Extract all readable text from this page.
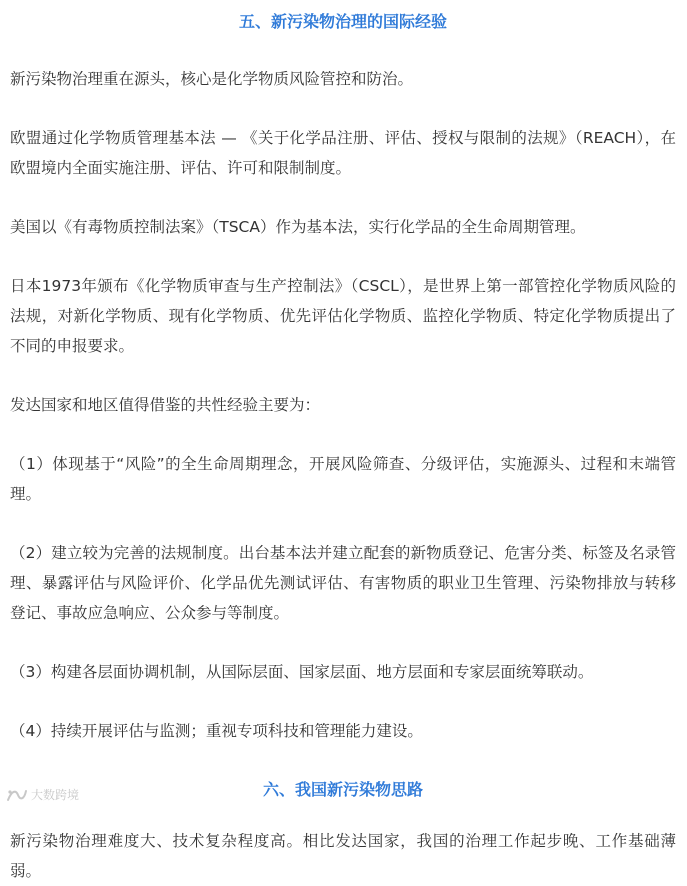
五、新污染物治理的国际经验

新污染物治理重在源头，核心是化学物质风险管控和防治。

欧盟通过化学物质管理基本法 — 《关于化学品注册、评估、授权与限制的法规》（REACH），在欧盟境内全面实施注册、评估、许可和限制制度。

美国以《有毒物质控制法案》（TSCA）作为基本法，实行化学品的全生命周期管理。

日本1973年颁布《化学物质审查与生产控制法》（CSCL），是世界上第一部管控化学物质风险的法规，对新化学物质、现有化学物质、优先评估化学物质、监控化学物质、特定化学物质提出了不同的申报要求。

发达国家和地区值得借鉴的共性经验主要为：

（1）体现基于“风险”的全生命周期理念，开展风险筛查、分级评估，实施源头、过程和末端管理。

（2）建立较为完善的法规制度。出台基本法并建立配套的新物质登记、危害分类、标签及名录管理、暴露评估与风险评价、化学品优先测试评估、有害物质的职业卫生管理、污染物排放与转移登记、事故应急响应、公众参与等制度。

（3）构建各层面协调机制，从国际层面、国家层面、地方层面和专家层面统筹联动。

（4）持续开展评估与监测；重视专项科技和管理能力建设。

六、我国新污染物思路

新污染物治理难度大、技术复杂程度高。相比发达国家，我国的治理工作起步晚、工作基础薄弱。

大数跨境
